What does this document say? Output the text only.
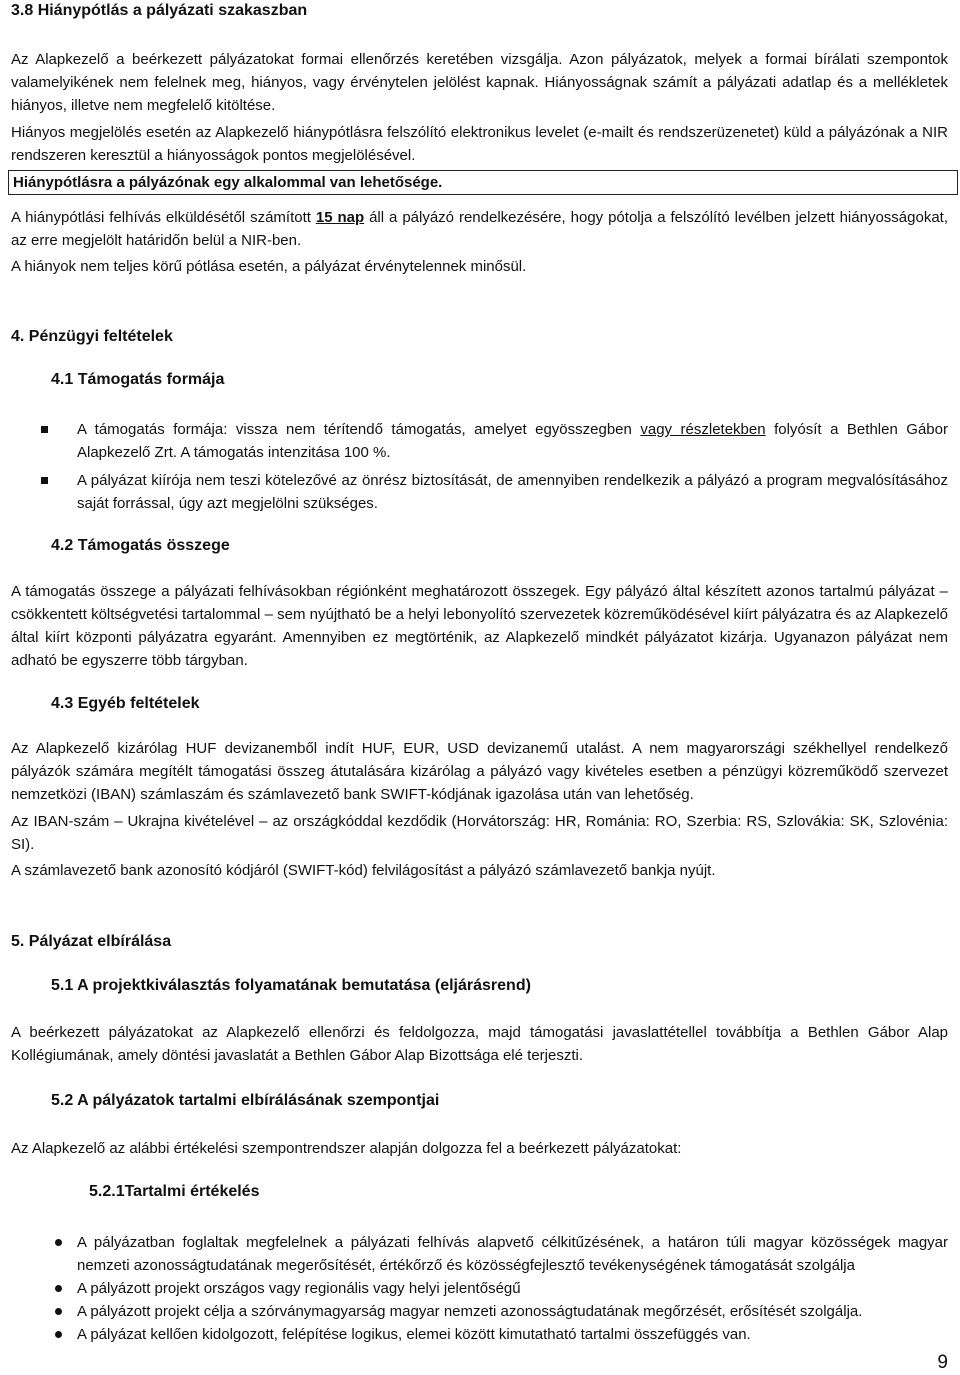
3.8 Hiánypótlás a pályázati szakaszban

Az Alapkezelő a beérkezett pályázatokat formai ellenőrzés keretében vizsgálja. Azon pályázatok, melyek a formai bírálati szempontok valamelyikének nem felelnek meg, hiányos, vagy érvénytelen jelölést kapnak. Hiányosságnak számít a pályázati adatlap és a mellékletek hiányos, illetve nem megfelelő kitöltése.

Hiányos megjelölés esetén az Alapkezelő hiánypótlásra felszólító elektronikus levelet (e-mailt és rendszerüzenetet) küld a pályázónak a NIR rendszeren keresztül a hiányosságok pontos megjelölésével.

Hiánypótlásra a pályázónak egy alkalommal van lehetősége.

A hiánypótlási felhívás elküldésétől számított 15 nap áll a pályázó rendelkezésére, hogy pótolja a felszólító levélben jelzett hiányosságokat, az erre megjelölt határidőn belül a NIR-ben.

A hiányok nem teljes körű pótlása esetén, a pályázat érvénytelennek minősül.

4. Pénzügyi feltételek
4.1 Támogatás formája
A támogatás formája: vissza nem térítendő támogatás, amelyet egyösszegben vagy részletekben folyósít a Bethlen Gábor Alapkezelő Zrt. A támogatás intenzitása 100 %.
A pályázat kiírója nem teszi kötelezővé az önrész biztosítását, de amennyiben rendelkezik a pályázó a program megvalósításához saját forrással, úgy azt megjelölni szükséges.
4.2 Támogatás összege

A támogatás összege a pályázati felhívásokban régiónként meghatározott összegek. Egy pályázó által készített azonos tartalmú pályázat – csökkentett költségvetési tartalommal – sem nyújtható be a helyi lebonyolító szervezetek közreműködésével kiírt pályázatra és az Alapkezelő által kiírt központi pályázatra egyaránt. Amennyiben ez megtörténik, az Alapkezelő mindkét pályázatot kizárja. Ugyanazon pályázat nem adható be egyszerre több tárgyban.

4.3 Egyéb feltételek

Az Alapkezelő kizárólag HUF devizanemből indít HUF, EUR, USD devizanemű utalást. A nem magyarországi székhellyel rendelkező pályázók számára megítélt támogatási összeg átutalására kizárólag a pályázó vagy kivételes esetben a pénzügyi közreműködő szervezet nemzetközi (IBAN) számlaszám és számlavezető bank SWIFT-kódjának igazolása után van lehetőség.

Az IBAN-szám – Ukrajna kivételével – az országkóddal kezdődik (Horvátország: HR, Románia: RO, Szerbia: RS, Szlovákia: SK, Szlovénia: SI).

A számlavezető bank azonosító kódjáról (SWIFT-kód) felvilágosítást a pályázó számlavezető bankja nyújt.

5. Pályázat elbírálása
5.1 A projektkiválasztás folyamatának bemutatása (eljárásrend)

A beérkezett pályázatokat az Alapkezelő ellenőrzi és feldolgozza, majd támogatási javaslattétellel továbbítja a Bethlen Gábor Alap Kollégiumának, amely döntési javaslatát a Bethlen Gábor Alap Bizottsága elé terjeszti.

5.2 A pályázatok tartalmi elbírálásának szempontjai

Az Alapkezelő az alábbi értékelési szempontrendszer alapján dolgozza fel a beérkezett pályázatokat:

5.2.1Tartalmi értékelés
A pályázatban foglaltak megfelelnek a pályázati felhívás alapvető célkitűzésének, a határon túli magyar közösségek magyar nemzeti azonosságtudatának megerősítését, értékőrző és közösségfejlesztő tevékenységének támogatását szolgálja
A pályázott projekt országos vagy regionális vagy helyi jelentőségű
A pályázott projekt célja a szórványmagyarság magyar nemzeti azonosságtudatának megőrzését, erősítését szolgálja.
A pályázat kellően kidolgozott, felépítése logikus, elemei között kimutatható tartalmi összefüggés van.
9
